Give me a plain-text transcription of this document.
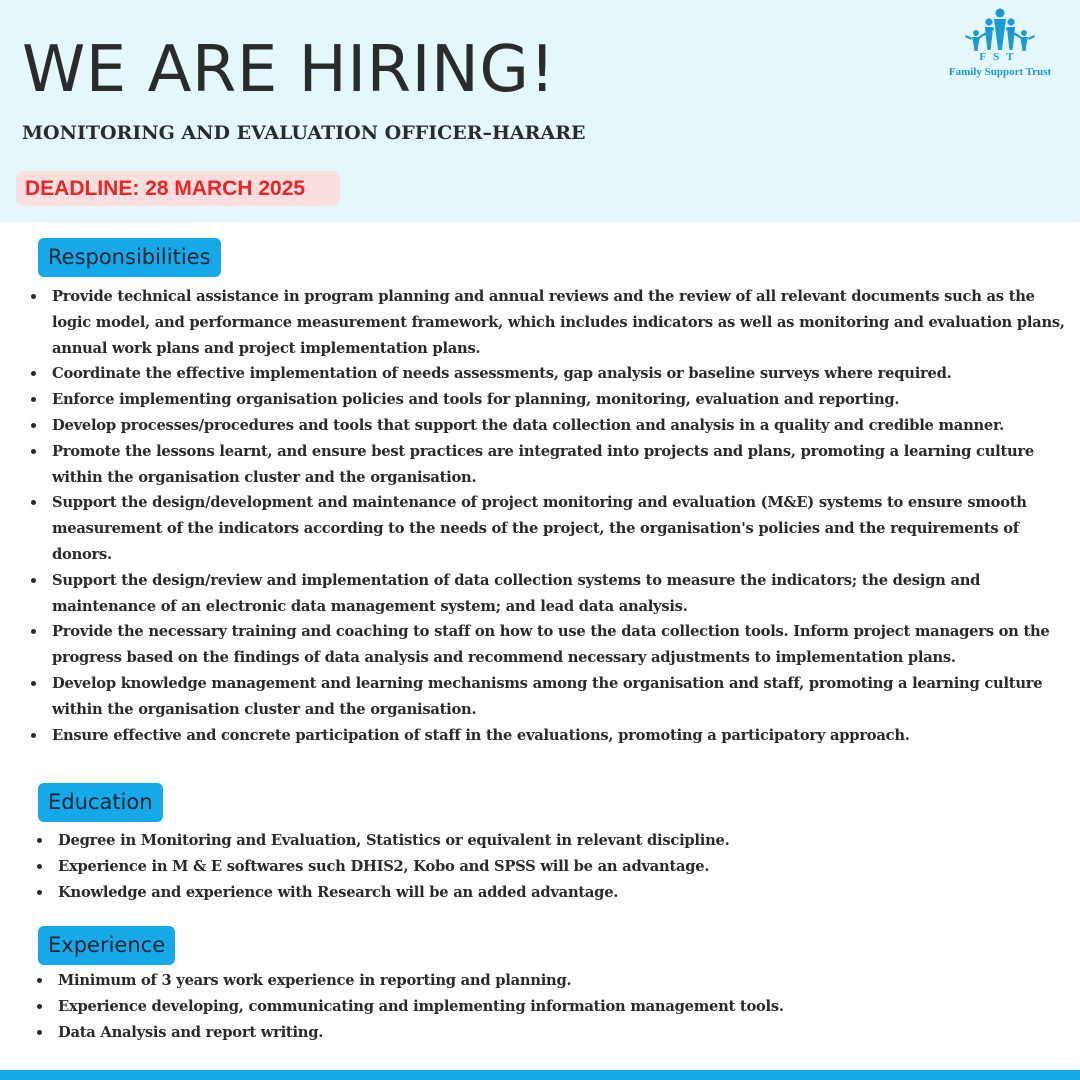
WE ARE HIRING!
MONITORING AND EVALUATION OFFICER–HARARE
DEADLINE: 28 MARCH 2025
FST
Family Support Trust
Responsibilities
Provide technical assistance in program planning and annual reviews and the review of all relevant documents such as the logic model, and performance measurement framework, which includes indicators as well as monitoring and evaluation plans, annual work plans and project implementation plans.
Coordinate the effective implementation of needs assessments, gap analysis or baseline surveys where required.
Enforce implementing organisation policies and tools for planning, monitoring, evaluation and reporting.
Develop processes/procedures and tools that support the data collection and analysis in a quality and credible manner.
Promote the lessons learnt, and ensure best practices are integrated into projects and plans, promoting a learning culture within the organisation cluster and the organisation.
Support the design/development and maintenance of project monitoring and evaluation (M&E) systems to ensure smooth measurement of the indicators according to the needs of the project, the organisation's policies and the requirements of donors.
Support the design/review and implementation of data collection systems to measure the indicators; the design and maintenance of an electronic data management system; and lead data analysis.
Provide the necessary training and coaching to staff on how to use the data collection tools. Inform project managers on the progress based on the findings of data analysis and recommend necessary adjustments to implementation plans.
Develop knowledge management and learning mechanisms among the organisation and staff, promoting a learning culture within the organisation cluster and the organisation.
Ensure effective and concrete participation of staff in the evaluations, promoting a participatory approach.
Education
Degree in Monitoring and Evaluation, Statistics or equivalent in relevant discipline.
Experience in M & E softwares such DHIS2, Kobo and SPSS will be an advantage.
Knowledge and experience with Research will be an added advantage.
Experience
Minimum of 3 years work experience in reporting and planning.
Experience developing, communicating and implementing information management tools.
Data Analysis and report writing.
